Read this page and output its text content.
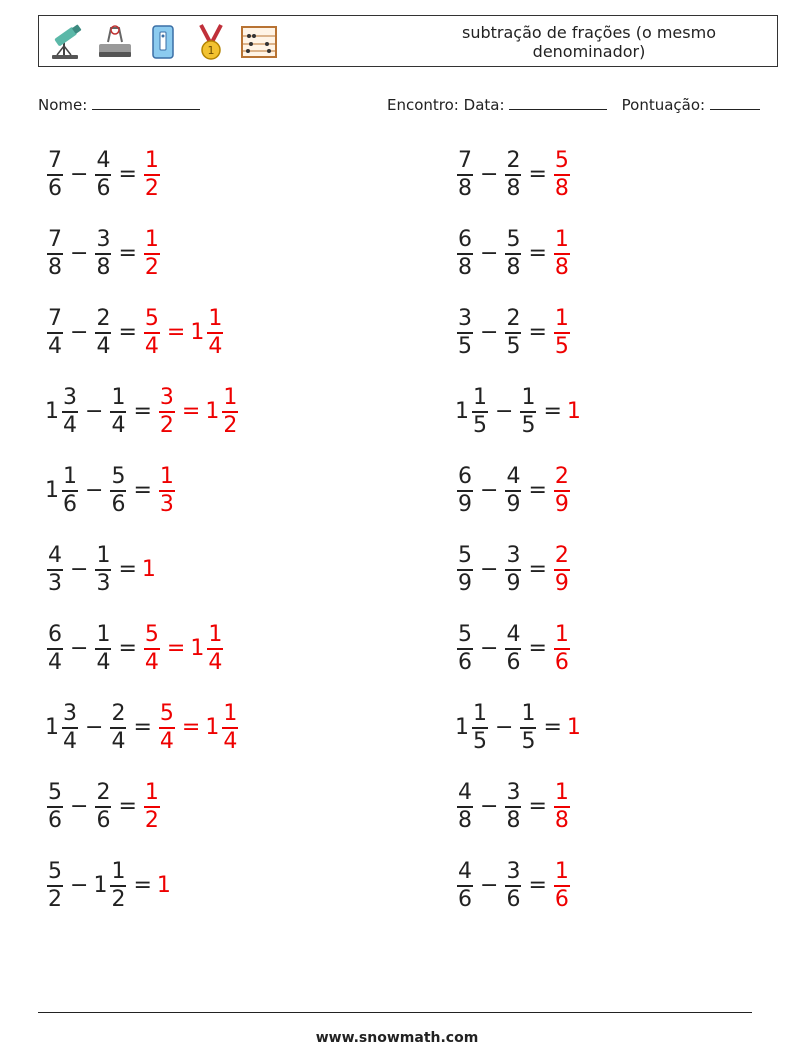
1
subtração de frações (o mesmo denominador)
Nome:	Encontro: Data:	Pontuação:
$\frac{7}{6} - \frac{4}{6} = \frac{1}{2}$	$\frac{7}{8} - \frac{2}{8} = \frac{5}{8}$
$\frac{7}{8} - \frac{3}{8} = \frac{1}{2}$	$\frac{6}{8} - \frac{5}{8} = \frac{1}{8}$
$\frac{7}{4} - \frac{2}{4} = \frac{5}{4} = 1 \frac{1}{4}$	$\frac{3}{5} - \frac{2}{5} = \frac{1}{5}$
$1 \frac{3}{4} - \frac{1}{4} = \frac{3}{2} = 1 \frac{1}{2}$	$1 \frac{1}{5} - \frac{1}{5} = 1$
$1 \frac{1}{6} - \frac{5}{6} = \frac{1}{3}$	$\frac{6}{9} - \frac{4}{9} = \frac{2}{9}$
$\frac{4}{3} - \frac{1}{3} = 1$	$\frac{5}{9} - \frac{3}{9} = \frac{2}{9}$
$\frac{6}{4} - \frac{1}{4} = \frac{5}{4} = 1 \frac{1}{4}$	$\frac{5}{6} - \frac{4}{6} = \frac{1}{6}$
$1 \frac{3}{4} - \frac{2}{4} = \frac{5}{4} = 1 \frac{1}{4}$	$1 \frac{1}{5} - \frac{1}{5} = 1$
$\frac{5}{6} - \frac{2}{6} = \frac{1}{2}$	$\frac{4}{8} - \frac{3}{8} = \frac{1}{8}$
$\frac{5}{2} - 1 \frac{1}{2} = 1$	$\frac{4}{6} - \frac{3}{6} = \frac{1}{6}$
www.snowmath.com
